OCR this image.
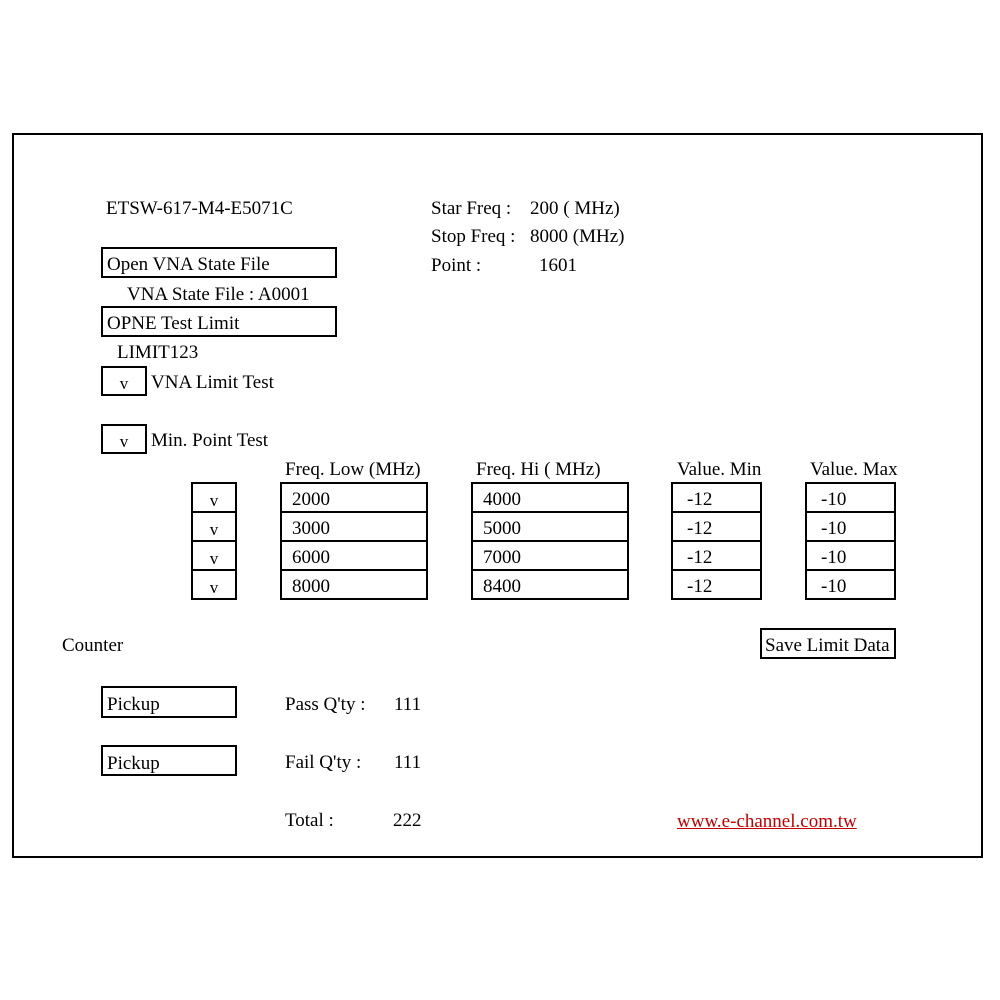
ETSW-617-M4-E5071C	Star Freq : 200 ( MHz)
Stop Freq : 8000 (MHz)
Point :	1601
Open VNA State File
VNA State File : A0001
OPNE Test Limit
LIMIT123
v	VNA Limit Test
v	Min. Point Test
Freq. Low (MHz)	Freq. Hi ( MHz)	Value. Min	Value. Max
v	2000	4000	-12	-10
v	3000	5000	-12	-10
v	6000	7000	-12	-10
v	8000	8400	-12	-10
Save Limit Data
Counter
Pickup	Pass Q'ty : 111
Pickup	Fail Q'ty : 111
Total :	222	www.e-channel.com.tw
